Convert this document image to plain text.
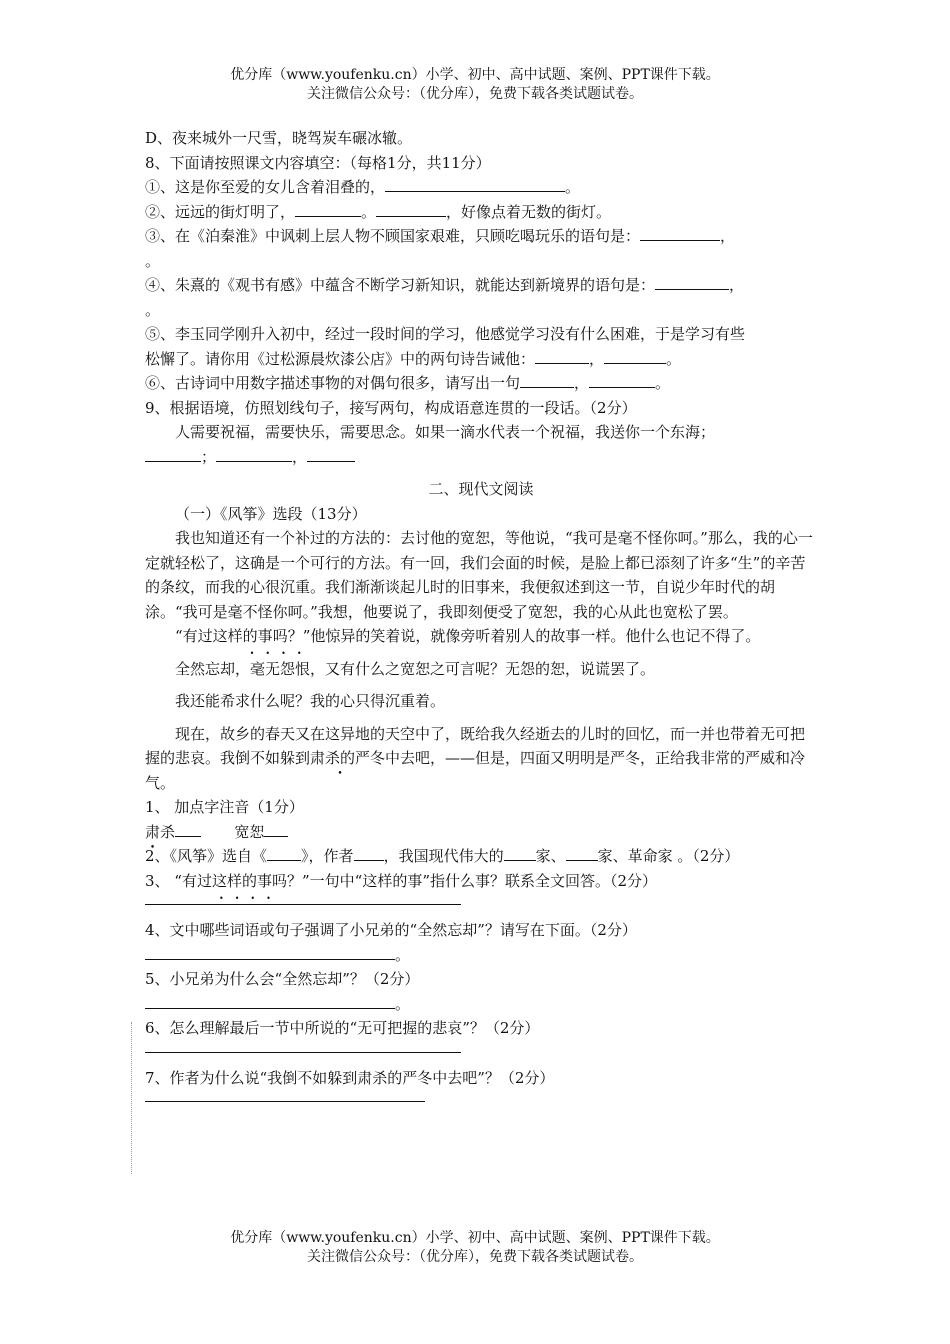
优分库（www.youfenku.cn）小学、初中、高中试题、案例、PPT课件下载。
关注微信公众号：（优分库），免费下载各类试题试卷。

D、夜来城外一尺雪，晓驾炭车碾冰辙。

8、下面请按照课文内容填空：（每格1分，共11分）

①、这是你至爱的女儿含着泪叠的，	。

②、远远的街灯明了，	。	，好像点着无数的街灯。

③、在《泊秦淮》中讽刺上层人物不顾国家艰难，只顾吃喝玩乐的语句是：	，

。

④、朱熹的《观书有感》中蕴含不断学习新知识，就能达到新境界的语句是：	，

。

⑤、李玉同学刚升入初中，经过一段时间的学习，他感觉学习没有什么困难，于是学习有些

松懈了。请你用《过松源晨炊漆公店》中的两句诗告诫他：	，	。

⑥、古诗词中用数字描述事物的对偶句很多，请写出一句	，	。

9、根据语境，仿照划线句子，接写两句，构成语意连贯的一段话。（2分）

人需要祝福，需要快乐，需要思念。如果一滴水代表一个祝福，我送你一个东海；

；	，

二、现代文阅读

（一）《风筝》选段（13分）

我也知道还有一个补过的方法的：去讨他的宽恕，等他说，“我可是毫不怪你呵。”那么，我的心一定就轻松了，这确是一个可行的方法。有一回，我们会面的时候，是脸上都已添刻了许多“生”的辛苦的条纹，而我的心很沉重。我们渐渐谈起儿时的旧事来，我便叙述到这一节，自说少年时代的胡涂。“我可是毫不怪你呵。”我想，他要说了，我即刻便受了宽恕，我的心从此也宽松了罢。

“有过这样的事
••••
吗？”他惊异的笑着说，就像旁听着别人的故事一样。他什么也记不得了。

全然忘却，毫无怨恨，又有什么之宽恕之可言呢？无怨的恕，说谎罢了。

我还能希求什么呢？我的心只得沉重着。

现在，故乡的春天又在这异地的天空中了，既给我久经逝去的儿时的回忆，而一并也带着无可把握的悲哀。我倒不如躲到肃杀的严冬中去吧，——但是，四面又明明是严冬，正给我非常的严威和冷气。

1、 加点字注音（1分）

肃杀	宽恕

2、《风筝》选自《 》，作者 ，我国现代伟大的 家、 家、革命家 。（2分）

3、 “有过这样的事
••••
吗？”一句中“这样的事”指什么事？联系全文回答。（2分）

4、文中哪些词语或句子强调了小兄弟的“全然忘却”？请写在下面。（2分）

。

5、小兄弟为什么会“全然忘却”？（2分）

。

6、怎么理解最后一节中所说的“无可把握的悲哀”？（2分）

7、作者为什么说“我倒不如躲到肃杀的严冬中去吧”？（2分）

优分库（www.youfenku.cn）小学、初中、高中试题、案例、PPT课件下载。
关注微信公众号：（优分库），免费下载各类试题试卷。
